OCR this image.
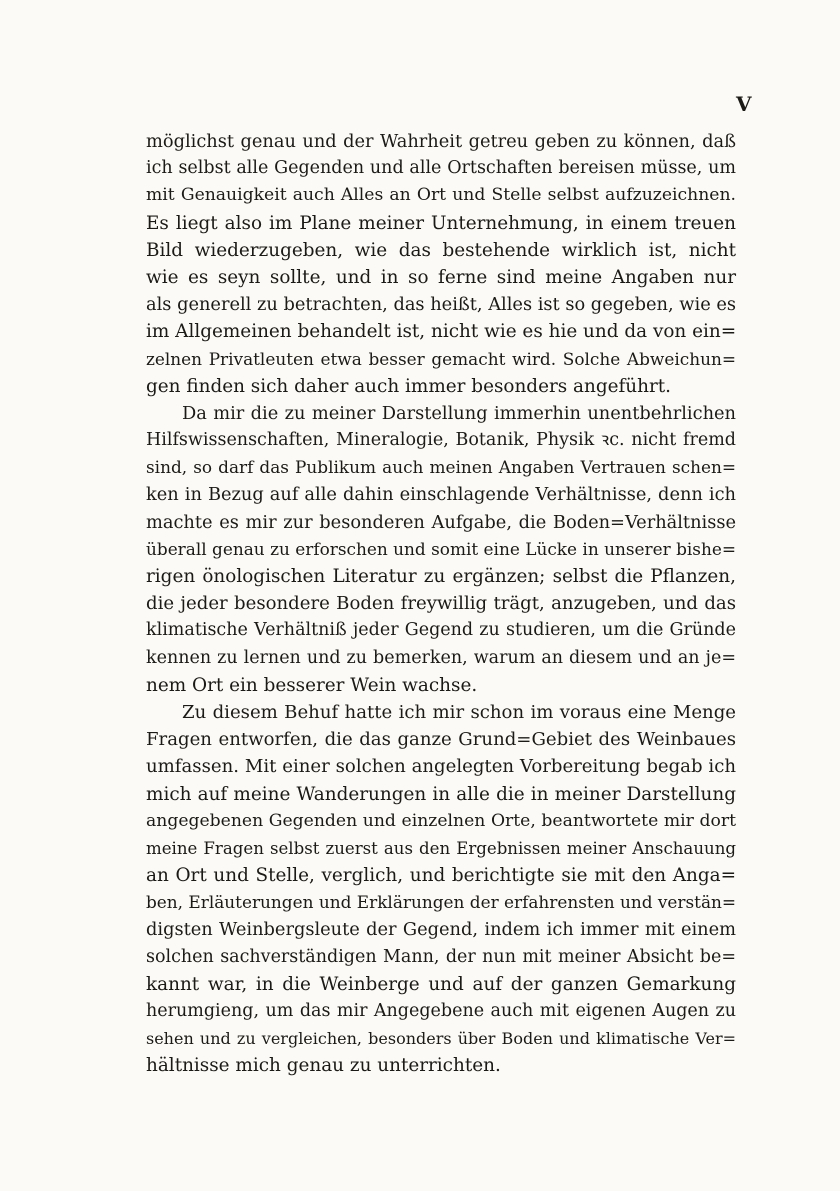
V
möglichst genau und der Wahrheit getreu geben zu können, daß
ich selbst alle Gegenden und alle Ortschaften bereisen müsse, um
mit Genauigkeit auch Alles an Ort und Stelle selbst aufzuzeichnen.
Es liegt also im Plane meiner Unternehmung, in einem treuen
Bild wiederzugeben, wie das bestehende wirklich ist, nicht
wie es seyn sollte, und in so ferne sind meine Angaben nur
als generell zu betrachten, das heißt, Alles ist so gegeben, wie es
im Allgemeinen behandelt ist, nicht wie es hie und da von ein=
zelnen Privatleuten etwa besser gemacht wird. Solche Abweichun=
gen finden sich daher auch immer besonders angeführt.
Da mir die zu meiner Darstellung immerhin unentbehrlichen
Hilfswissenschaften, Mineralogie, Botanik, Physik ꝛc. nicht fremd
sind, so darf das Publikum auch meinen Angaben Vertrauen schen=
ken in Bezug auf alle dahin einschlagende Verhältnisse, denn ich
machte es mir zur besonderen Aufgabe, die Boden=Verhältnisse
überall genau zu erforschen und somit eine Lücke in unserer bishe=
rigen önologischen Literatur zu ergänzen; selbst die Pflanzen,
die jeder besondere Boden freywillig trägt, anzugeben, und das
klimatische Verhältniß jeder Gegend zu studieren, um die Gründe
kennen zu lernen und zu bemerken, warum an diesem und an je=
nem Ort ein besserer Wein wachse.
Zu diesem Behuf hatte ich mir schon im voraus eine Menge
Fragen entworfen, die das ganze Grund=Gebiet des Weinbaues
umfassen. Mit einer solchen angelegten Vorbereitung begab ich
mich auf meine Wanderungen in alle die in meiner Darstellung
angegebenen Gegenden und einzelnen Orte, beantwortete mir dort
meine Fragen selbst zuerst aus den Ergebnissen meiner Anschauung
an Ort und Stelle, verglich, und berichtigte sie mit den Anga=
ben, Erläuterungen und Erklärungen der erfahrensten und verstän=
digsten Weinbergsleute der Gegend, indem ich immer mit einem
solchen sachverständigen Mann, der nun mit meiner Absicht be=
kannt war, in die Weinberge und auf der ganzen Gemarkung
herumgieng, um das mir Angegebene auch mit eigenen Augen zu
sehen und zu vergleichen, besonders über Boden und klimatische Ver=
hältnisse mich genau zu unterrichten.
